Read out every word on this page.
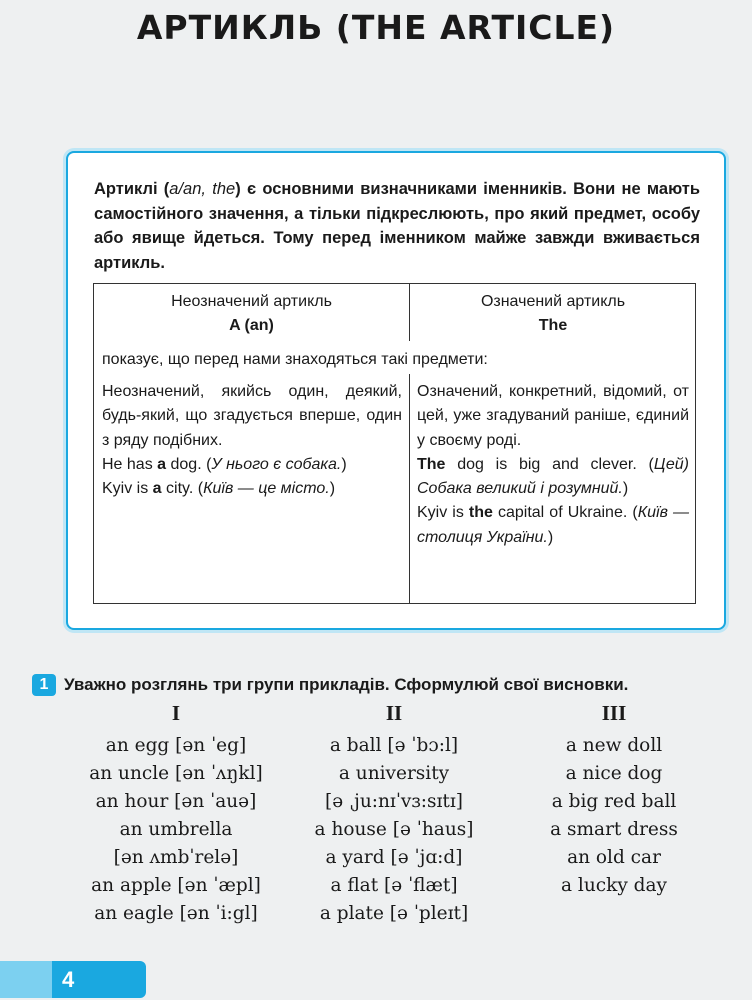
АРТИКЛЬ (THE ARTICLE)
Артиклі (a/an, the) є основними визначниками іменників. Вони не мають самостійного значення, а тільки підкреслюють, про який предмет, особу або явище йдеться. Тому перед іменником майже завжди вживається артикль.
Неозначений артикль
A (an)
Означений артикль
The
показує, що перед нами знаходяться такі предмети:

Неозначений, якийсь один, деякий, будь-який, що згадується вперше, один з ряду подібних.

He has a dog. (У нього є собака.)

Kyiv is a city. (Київ — це місто.)

Означений, конкретний, відомий, от цей, уже згадуваний раніше, єдиний у своєму роді.

The dog is big and clever. (Цей) Собака великий і розумний.)

Kyiv is the capital of Ukraine. (Київ — столиця України.)

1 Уважно розглянь три групи прикладів. Сформулюй свої висновки.
I
an egg [ən ˈeg]
an uncle [ən ˈʌŋkl]
an hour [ən ˈauə]
an umbrella
[ən ʌmbˈrelə]
an apple [ən ˈæpl]
an eagle [ən ˈi:gl]
II
a ball [ə ˈbɔ:l]
a university
[ə ˌju:nɪˈvɜ:sɪtɪ]
a house [ə ˈhaus]
a yard [ə ˈjɑ:d]
a flat [ə ˈflæt]
a plate [ə ˈpleɪt]
III
a new doll
a nice dog
a big red ball
a smart dress
an old car
a lucky day
4
